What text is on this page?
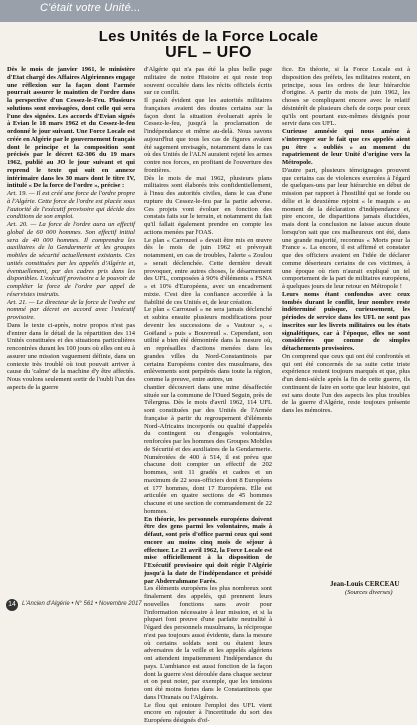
C'était votre Unité...
Les Unités de la Force Locale
UFL – UFO

Dès le mois de janvier 1961, le ministère d'Etat chargé des Affaires Algériennes engage une réflexion sur la façon dont l'armée pourrait assurer le maintien de l'ordre dans la perspective d'un Cessez-le-Feu. Plusieurs solutions sont envisagées, dont celle qui sera l'une des signées. Les accords d'Evian signés à Evian le 18 mars 1962 et du Cessez-le-feu ordonné le jour suivant. Une Force Locale est créée en Algérie par le gouvernement français dont le principe et la composition sont précisés par le décret 62-306 du 19 mars 1962, publié au JO le jour suivant et qui reprend le texte qui suit en annexe intérimaire dans les 30 mars dont le titre IV, intitulé « De la force de l'ordre », précise :

Art. 19. — Il est créé une force de l'ordre propre à l'Algérie. Cette force de l'ordre est placée sous l'autorité de l'exécutif provisoire qui décide des conditions de son emploi.

Art. 20. — La force de l'ordre aura un effectif global de 60 000 hommes. Son effectif initial sera de 40 000 hommes. Il comprendra les auxiliaires de la Gendarmerie et les groupes mobiles de sécurité actuellement existants. Ces unités constituées par les appelés d'Algérie et, éventuellement, par des cadres pris dans les disponibles. L'exécutif provisoire a le pouvoir de compléter la force de l'ordre par appel de réservistes instruits.

Art. 21. — Le directeur de la force de l'ordre est nommé par décret en accord avec l'exécutif provisoire.

Dans le texte ci-après, notre propos n'est pas d'entrer dans le détail de la répartition des 114 Unités constituées et des situations particulières rencontrées durant les 100 jours où elles ont eu à assurer une mission vaguement définie, dans un contexte très troublé où tout pouvait arriver à cause du 'calme' de la machine d'y être affectés. Nous voulons seulement sortir de l'oubli l'un des aspects de la guerre

d'Algérie qui n'a pas été la plus belle page militaire de notre Histoire et qui reste trop souvent occultée dans les récits officiels écrits sur ce conflit.

Il paraît évident que les autorités militaires françaises avaient des doutes certains sur la façon dont la situation évoluerait après le Cessez-le-feu, jusqu'à la proclamation de l'indépendance et même au-delà. Nous savons aujourd'hui que tous les cas de figures avaient été sagement envisagés, notamment dans le cas où des Unités de l'ALN auraient rejeté les armes contre nos forces, en profitant de l'ouverture des frontières.

Dès le mois de mai 1962, plusieurs plans militaires sont élaborés très confidentiellement, à l'insu des autorités civiles, dans le cas d'une rupture du Cessez-le-feu par la partie adverse. Ces projets vont évoluer en fonction des constats faits sur le terrain, et notamment du fait qu'il fallait également prendre en compte les actions menées par l'OAS.

Le plan « Carrousel » devait être mis en œuvre dès le mois de juin 1962 et prévoyait notamment, en cas de troubles, l'alerte « Zoulou » serait déclenchée. Cette dernière devait provoquer, entre autres choses, le désarmement des UFL, composées à 90% d'éléments « FSNA » et 10% d'Européens, avec un encadrement mixte. C'est dire la confiance accordée à la fiabilité de ces Unités et, de leur création.

Le plan « Carrousel » ne sera jamais déclenché et subira ensuite plusieurs modifications pour devenir les successions de « Vautour », « Goëland » puis « Bouvreuil ». Cependant, son utilité a bien été démontrée dans la mesure où, en représailles d'actions menées dans les grandes villes du Nord-Constantinois par certains Européens contre des musulmans, des enlèvements sont perpétrés dans toute la région, comme la preuve, entre autres, un

chantier découvert dans une mine désaffectée située sur la commune de l'Oued Seguin, près de Télergma. Dès le mois d'avril 1962, 114 UFL sont constituées par des Unités de l'Armée française à partir du regroupement d'éléments Nord-Africains incorporés ou qualité d'appelés du contingent ou d'engagés volontaires, renforcées par les hommes des Groupes Mobiles de Sécurité et des auxiliaires de la Gendarmerie. Numérotées de 400 à 514, il est prévu que chacune doit compter un effectif de 202 hommes, soit 11 gradés et cadres et un maximum de 22 sous-officiers dont 8 Européens et 177 hommes, dont 17 Européens. Elle est articulée en quatre sections de 45 hommes chacune et une section de commandement de 22 hommes.

En théorie, les personnels européens doivent être des gens parmi les volontaires, mais à défaut, sont pris d'office parmi ceux qui sont encore au moins cinq mois de séjour à effectuer. Le 21 avril 1962, la Force Locale est mise officiellement à la disposition de l'Exécutif provisoire qui doit régir l'Algérie jusqu'à la date de l'indépendance et présidé par Abderrahmane Farès.

Les éléments européens les plus nombreux sont finalement des appelés, qui prennent leurs nouvelles fonctions sans avoir pour l'information nécessaire à leur mission, et si la plupart font preuve d'une parfaite neutralité à l'égard des personnels musulmans, la réciproque n'est pas toujours aussi évidente, dans la mesure où certains soldats sont ou étaient leurs adversaires de la veille et les appelés algériens ont attendent impatiemment l'indépendance du pays. L'ambiance est aussi fonction de la façon dont la guerre s'est déroulée dans chaque secteur et on peut noter, par exemple, que les tensions ont été moins fortes dans le Constantinois que dans l'Oranais ou l'Algérois.

Le flou qui entoure l'emploi des UFL vient encore en rajouter à l'incertitude du sort des Européens désignés d'of-

fice. En théorie, si la Force Locale est à disposition des préfets, les militaires restent, en principe, sous les ordres de leur hiérarchie d'origine. A partir du mois de juin 1962, les choses se compliquent encore avec le relatif désintérêt de plusieurs chefs de corps pour ceux qu'ils ont pourtant eux-mêmes désignés pour servir dans ces UFL.

Curieuse amnésie qui nous amène à s'interroger sur le fait que ces appelés aient pu être « oubliés » au moment du rapatriement de leur Unité d'origine vers la Métropole.

D'autre part, plusieurs témoignages prouvent que certains cas de violences exercées à l'égard de quelques-uns par leur hiérarchie en début de mission par rapport à l'hostilité qui se fonde ou délie et le deuxième rejoint « le maquis » au moment de la déclaration d'indépendance et, pire encore, de disparitions jamais élucidées, mais dont la conclusion ne laisse aucun doute lorsqu'on sait que ces malheureux ont été, dans une grande majorité, reconnus « Morts pour la France ». La encore, il est affirmé et constater que des officiers avaient en l'idée de déclarer comme déserteurs certains de ces victimes, à une époque où rien n'aurait expliqué un tel comportement de la part de militaires européens, à quelques jours de leur retour en Métropole !

Leurs noms étant confondus avec ceux tombés durant le conflit, leur nombre reste indéterminé puisque, curieusement, les périodes de service dans les UFL ne sont pas inscrites sur les livrets militaires ou les états signalétiques, car à l'époque, elles ne sont considérées que comme de simples détachements provisoires.

On comprend que ceux qui ont été confrontés et qui ont été concernés de sa suite cette triste expérience restent toujours marqués et que, plus d'un demi-siècle après la fin de cette guerre, ils continuent de faire en sorte que leur histoire, qui est sans doute l'un des aspects les plus troubles de la guerre d'Algérie, reste toujours présente dans les mémoires.

Jean-Louis CERCEAU
(Sources diverses)
14	L'Ancien d'Algérie • N° 561 • Novembre 2017
